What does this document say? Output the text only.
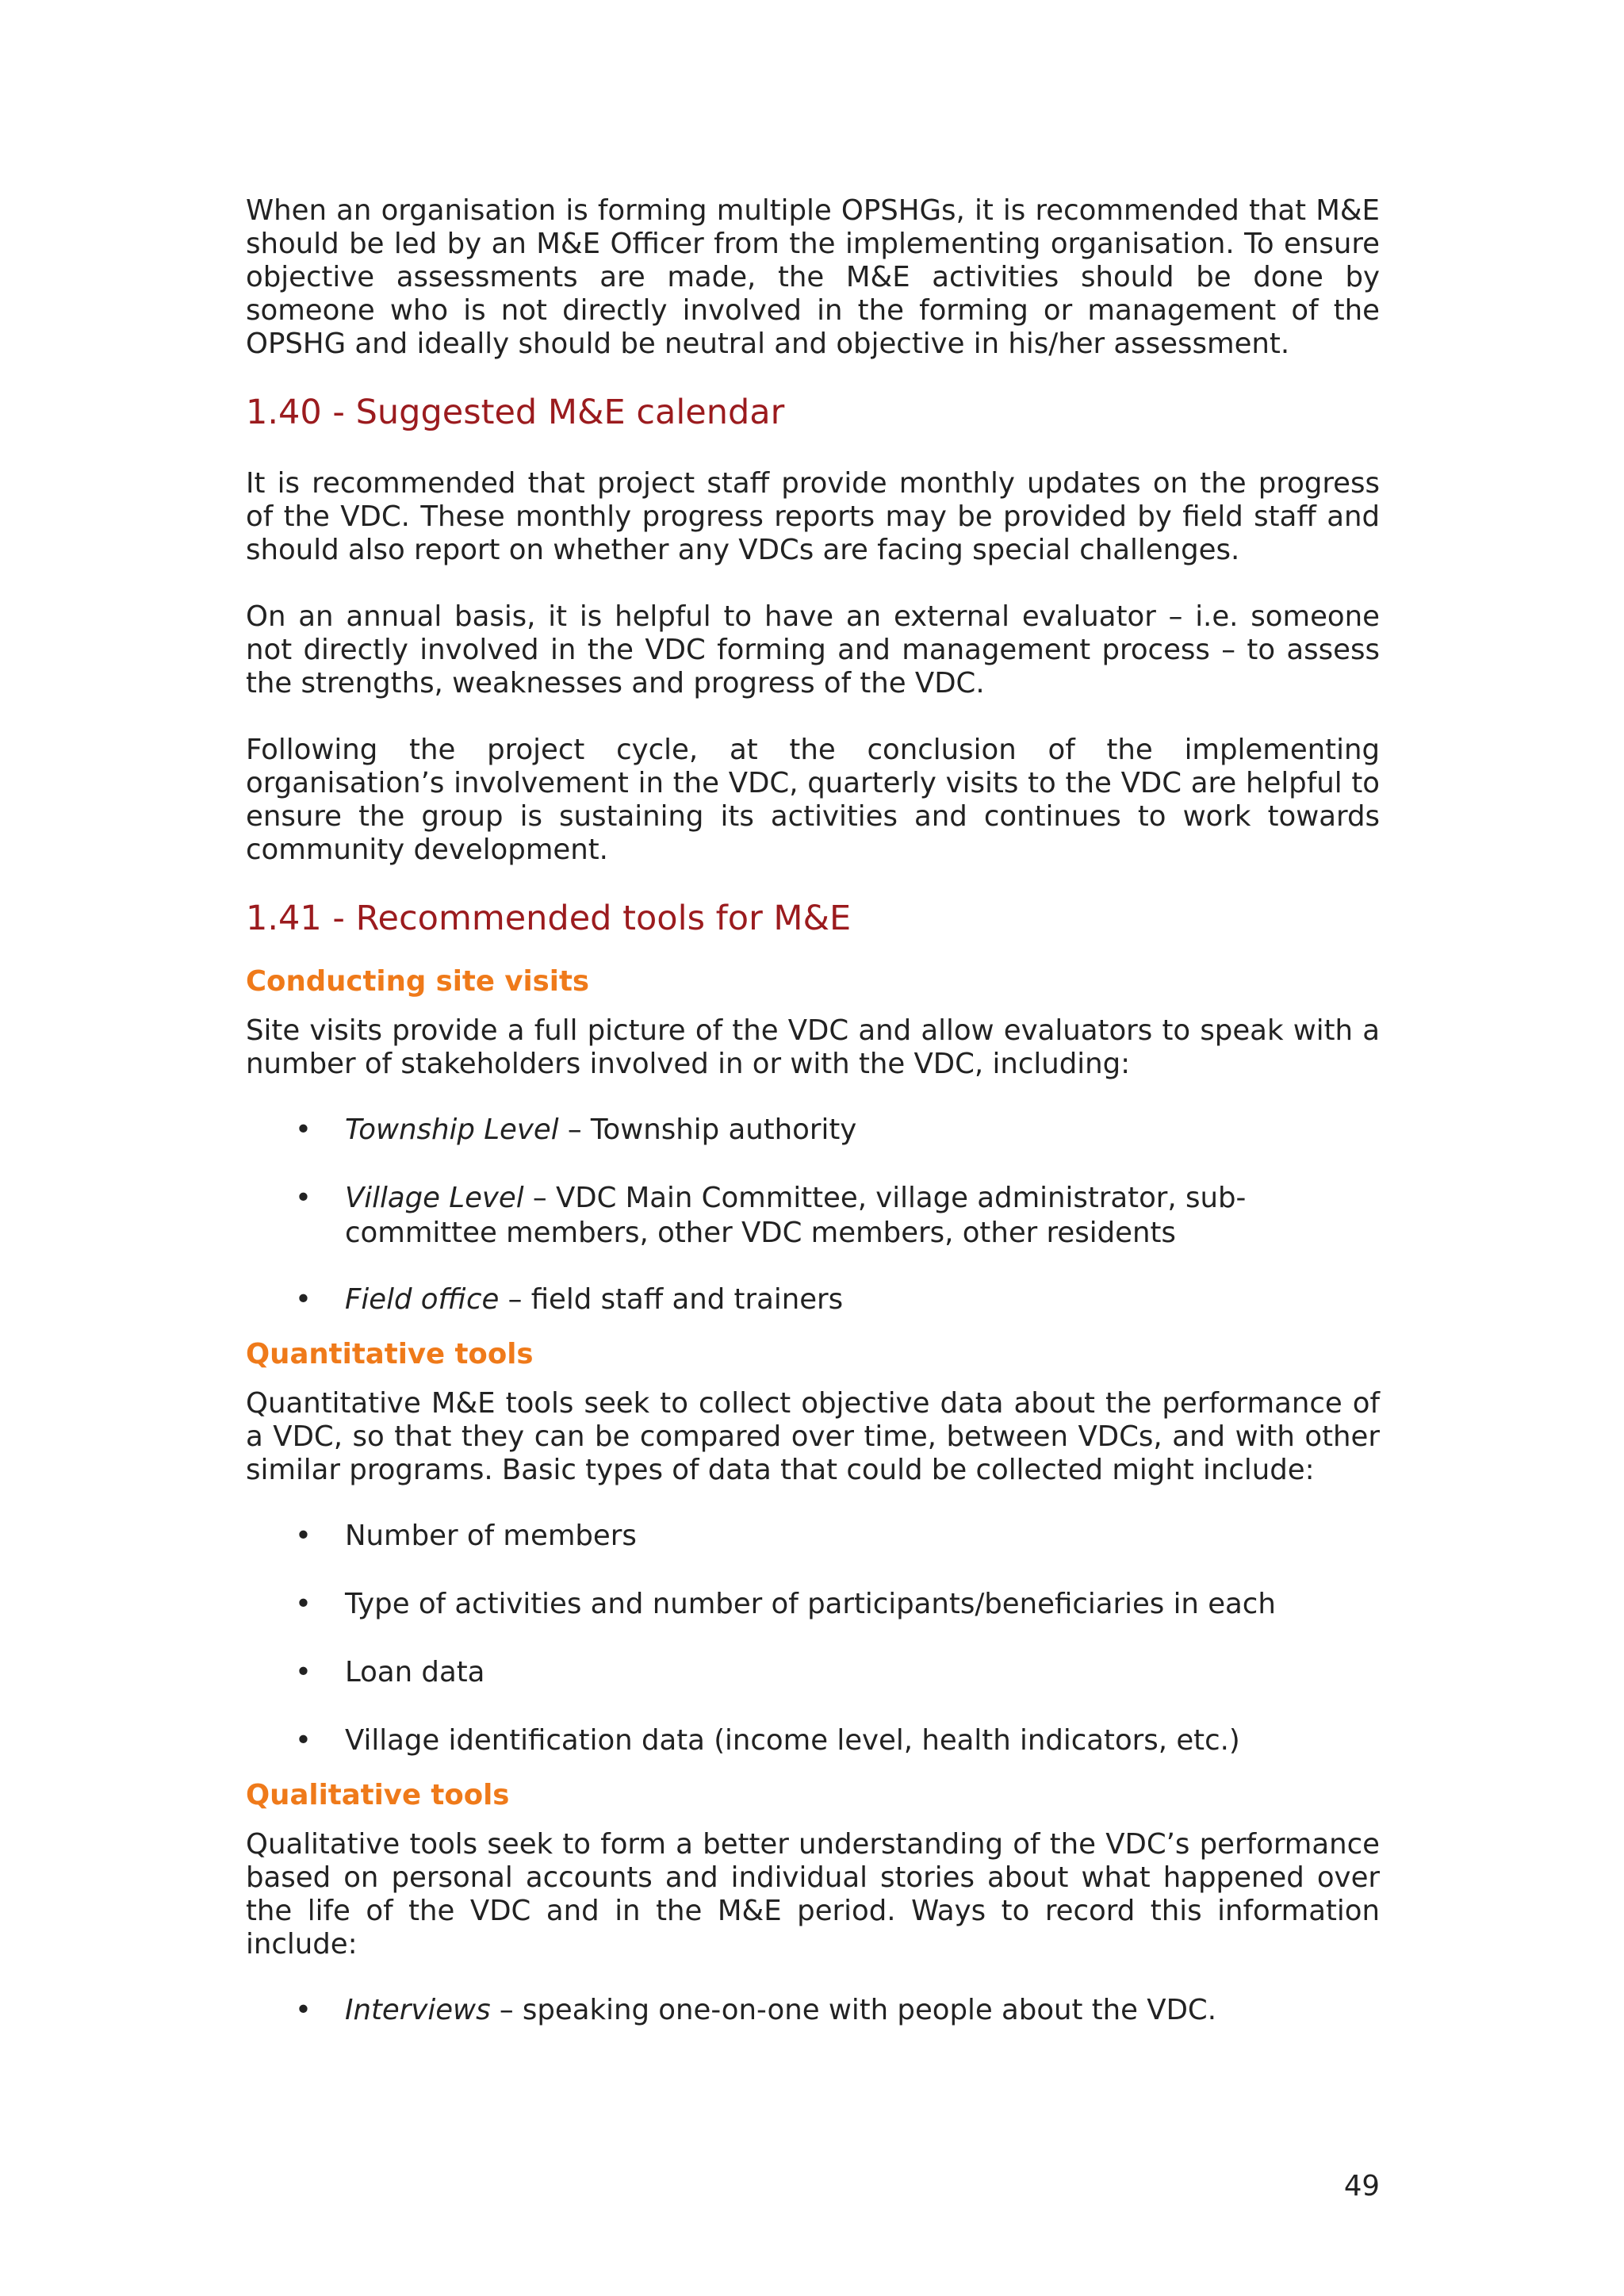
When an organisation is forming multiple OPSHGs, it is recommended that M&E should be led by an M&E Officer from the implementing organisation. To ensure objective assessments are made, the M&E activities should be done by someone who is not directly involved in the forming or management of the OPSHG and ideally should be neutral and objective in his/her assessment.

1.40 - Suggested M&E calendar

It is recommended that project staff provide monthly updates on the progress of the VDC. These monthly progress reports may be provided by field staff and should also report on whether any VDCs are facing special challenges.

On an annual basis, it is helpful to have an external evaluator – i.e. someone not directly involved in the VDC forming and management process – to assess the strengths, weaknesses and progress of the VDC.

Following the project cycle, at the conclusion of the implementing organisation’s involvement in the VDC, quarterly visits to the VDC are helpful to ensure the group is sustaining its activities and continues to work towards community development.

1.41 - Recommended tools for M&E
Conducting site visits

Site visits provide a full picture of the VDC and allow evaluators to speak with a number of stakeholders involved in or with the VDC, including:

• Township Level – Township authority
• Village Level – VDC Main Committee, village administrator, sub-committee members, other VDC members, other residents
• Field office – field staff and trainers
Quantitative tools

Quantitative M&E tools seek to collect objective data about the performance of a VDC, so that they can be compared over time, between VDCs, and with other similar programs. Basic types of data that could be collected might include:

• Number of members
• Type of activities and number of participants/beneficiaries in each
• Loan data
• Village identification data (income level, health indicators, etc.)
Qualitative tools

Qualitative tools seek to form a better understanding of the VDC’s performance based on personal accounts and individual stories about what happened over the life of the VDC and in the M&E period. Ways to record this information include:

• Interviews – speaking one-on-one with people about the VDC.
49
